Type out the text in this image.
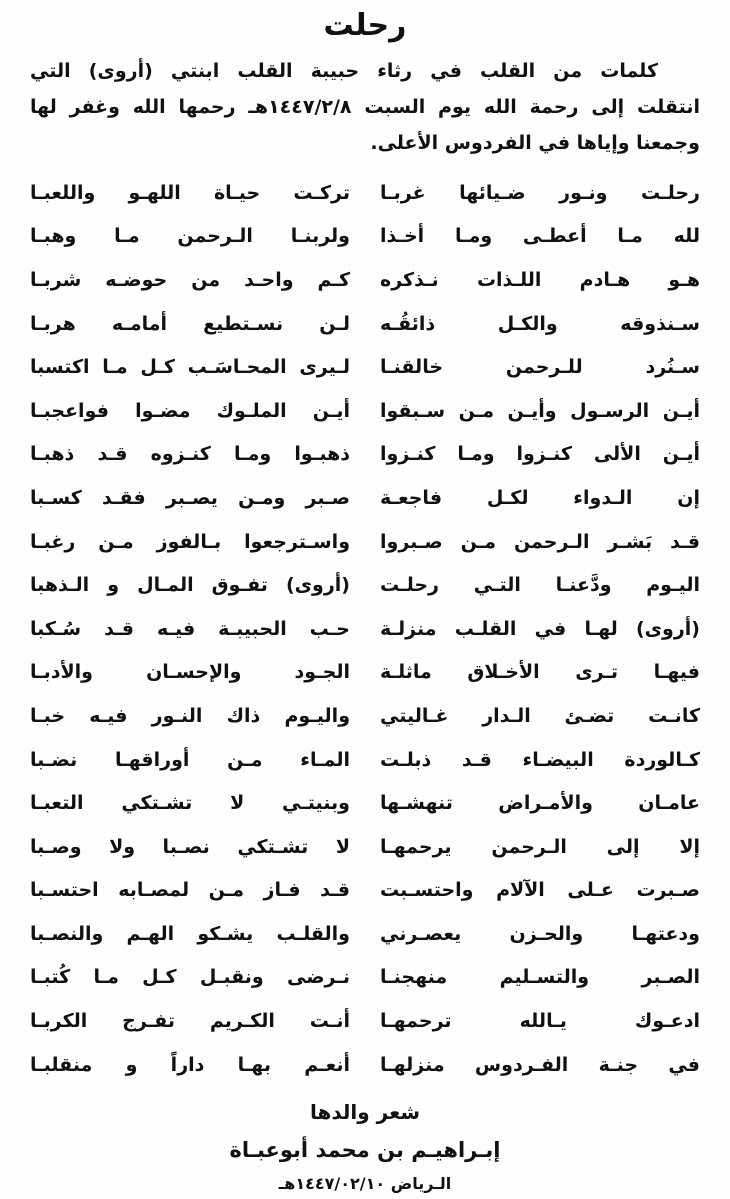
رحلت
كلمات من القلب في رثاء حبيبة القلب ابنتي (أروى) التي
انتقلت إلى رحمة الله يوم السبت ١٤٤٧/٢/٨هـ رحمها الله وغفر لها
وجمعنا وإياها في الفردوس الأعلى.
رحلـت ونـور ضـيائها غربـا
تركـت حيـاة اللهـو واللعبـا
لله مـا أعطـى ومـا أخـذا
ولربنـا الـرحمن مـا وهبـا
هـو هـادم اللـذات نـذكره
كـم واحـد من حوضـه شربـا
سـنذوقه والكـل ذائقُـه
لـن نسـتطيع أمامـه هربـا
سـنُرد للـرحمن خالقنـا
لـيرى المحـاسَـب كـل مـا اكتسبا
أيـن الرسـول وأيـن مـن سـبقوا
أيـن الملـوك مضـوا فواعجبـا
أيـن الألى كنـزوا ومـا كنـزوا
ذهبـوا ومـا كنـزوه قـد ذهبـا
إن الـدواء لكـل فاجعـة
صـبر ومـن يصـبر فقـد كسـبا
قـد بَشـر الـرحمن مـن صـبروا
واسـترجعوا بـالفوز مـن رغبـا
اليـوم ودَّعنـا التـي رحلـت
(أروى) تفـوق المـال و الـذهبا
(أروى) لهـا في القلـب منزلـة
حـب الحبيبـة فيـه قـد سُـكبا
فيهـا تـرى الأخـلاق ماثلـة
الجـود والإحسـان والأدبـا
كانـت تضـئ الـدار غـاليتي
واليـوم ذاك النـور فيـه خبـا
كـالوردة البيضـاء قـد ذبلـت
المـاء مـن أوراقهـا نضـبا
عامـان والأمـراض تنهشـها
وبنيتـي لا تشـتكي التعبـا
إلا إلى الـرحمن يرحمهـا
لا تشـتكي نصـبا ولا وصـبا
صـبرت عـلى الآلام واحتسـبت
قـد فـاز مـن لمصـابه احتسـبا
ودعتهـا والحـزن يعصـرني
والقلـب يشـكو الهـم والنصـبا
الصـبر والتسـليم منهجنـا
نـرضى ونقبـل كـل مـا كُتبـا
ادعـوك يـالله ترحمهـا
أنـت الكـريم تفـرج الكربـا
في جنـة الفـردوس منزلهـا
أنعـم بهـا داراً و منقلبـا
شعر والدها
إبـراهيـم بن محمد أبوعبـاة
الـرياض ١٤٤٧/٠٢/١٠هـ
